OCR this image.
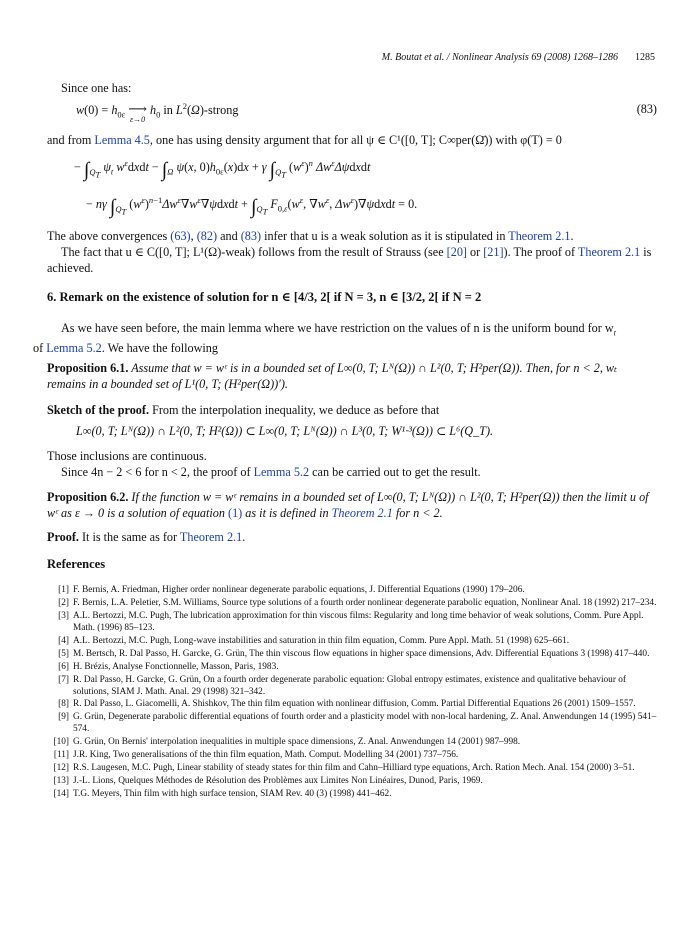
M. Boutat et al. / Nonlinear Analysis 69 (2008) 1268–1286	1285
Since one has:
$w(0) = h_{0\varepsilon}$ ⟶
ε→0 $h_0$ in $L^2(\Omega)$-strong	(83)
and from Lemma 4.5, one has using density argument that for all ψ ∈ C¹([0, T]; C∞per(Ω̄)) with φ(T) = 0
− $\int_{Q_T}$ $\psi_t$ $w^\varepsilon dxdt - \int_\Omega$ ψ(x, $0)h_{0\varepsilon}(x)dx + \gamma$ $\int_{Q_T}$ $(w^\varepsilon)^n$ $\Delta w^\varepsilon\Delta\psi dxdt$
− nγ $\int_{Q_T}$ $(w^\varepsilon)^{n-1}\Delta w^\varepsilon\nabla w^\varepsilon\nabla\psi dxdt + \int_{Q_T}$ $F_{0,\varepsilon}(w^\varepsilon$, $\nabla w^\varepsilon$, $\Delta w^\varepsilon)\nabla\psi dxdt = 0$.
The above convergences (63), (82) and (83) infer that u is a weak solution as it is stipulated in Theorem 2.1.
The fact that u ∈ C([0, T]; L¹(Ω)-weak) follows from the result of Strauss (see [20] or [21]). The proof of Theorem 2.1 is achieved.
6. Remark on the existence of solution for n ∈ [4/3, 2[ if N = 3, n ∈ [3/2, 2[ if N = 2
As we have seen before, the main lemma where we have restriction on the values of n is the uniform bound for $w_t$
of Lemma 5.2. We have the following
Proposition 6.1. Assume that w = wᵋ is in a bounded set of L∞(0, T; Lᴺ(Ω)) ∩ L²(0, T; H²per(Ω)). Then, for n < 2, wₜ remains in a bounded set of L¹(0, T; (H²per(Ω))′).
Sketch of the proof. From the interpolation inequality, we deduce as before that
L∞(0, T; Lᴺ(Ω)) ∩ L²(0, T; H²(Ω)) ⊂ L∞(0, T; Lᴺ(Ω)) ∩ L³(0, T; W¹·³(Ω)) ⊂ L⁶(Q_T).
Those inclusions are continuous.
Since 4n − 2 < 6 for n < 2, the proof of Lemma 5.2 can be carried out to get the result.
Proposition 6.2. If the function w = wᵋ remains in a bounded set of L∞(0, T; Lᴺ(Ω)) ∩ L²(0, T; H²per(Ω)) then the limit u of wᵋ as ε → 0 is a solution of equation (1) as it is defined in Theorem 2.1 for n < 2.
Proof. It is the same as for Theorem 2.1.
References
[1] F. Bernis, A. Friedman, Higher order nonlinear degenerate parabolic equations, J. Differential Equations (1990) 179–206.
[2] F. Bernis, L.A. Peletier, S.M. Williams, Source type solutions of a fourth order nonlinear degenerate parabolic equation, Nonlinear Anal. 18 (1992) 217–234.
[3] A.L. Bertozzi, M.C. Pugh, The lubrication approximation for thin viscous films: Regularity and long time behavior of weak solutions, Comm. Pure Appl. Math. (1996) 85–123.
[4] A.L. Bertozzi, M.C. Pugh, Long-wave instabilities and saturation in thin film equation, Comm. Pure Appl. Math. 51 (1998) 625–661.
[5] M. Bertsch, R. Dal Passo, H. Garcke, G. Grün, The thin viscous flow equations in higher space dimensions, Adv. Differential Equations 3 (1998) 417–440.
[6] H. Brézis, Analyse Fonctionnelle, Masson, Paris, 1983.
[7] R. Dal Passo, H. Garcke, G. Grün, On a fourth order degenerate parabolic equation: Global entropy estimates, existence and qualitative behaviour of solutions, SIAM J. Math. Anal. 29 (1998) 321–342.
[8] R. Dal Passo, L. Giacomelli, A. Shishkov, The thin film equation with nonlinear diffusion, Comm. Partial Differential Equations 26 (2001) 1509–1557.
[9] G. Grün, Degenerate parabolic differential equations of fourth order and a plasticity model with non-local hardening, Z. Anal. Anwendungen 14 (1995) 541–574.
[10] G. Grün, On Bernis' interpolation inequalities in multiple space dimensions, Z. Anal. Anwendungen 14 (2001) 987–998.
[11] J.R. King, Two generalisations of the thin film equation, Math. Comput. Modelling 34 (2001) 737–756.
[12] R.S. Laugesen, M.C. Pugh, Linear stability of steady states for thin film and Cahn–Hilliard type equations, Arch. Ration Mech. Anal. 154 (2000) 3–51.
[13] J.-L. Lions, Quelques Méthodes de Résolution des Problèmes aux Limites Non Linéaires, Dunod, Paris, 1969.
[14] T.G. Meyers, Thin film with high surface tension, SIAM Rev. 40 (3) (1998) 441–462.
